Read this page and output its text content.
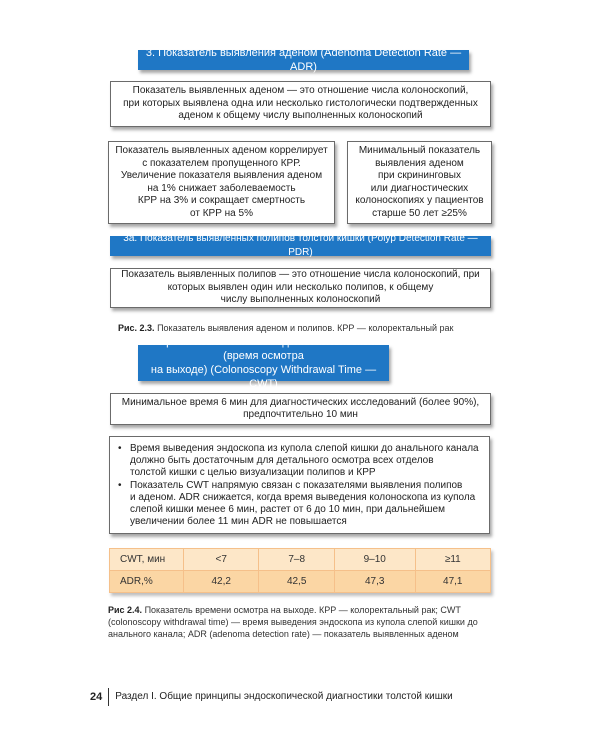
3. Показатель выявления аденом (Adenoma Detection Rate — ADR)
Показатель выявленных аденом — это отношение числа колоноскопий,
при которых выявлена одна или несколько гистологически подтвержденных
аденом к общему числу выполненных колоноскопий
Показатель выявленных аденом коррелирует
с показателем пропущенного КРР.
Увеличение показателя выявления аденом
на 1% снижает заболеваемость
КРР на 3% и сокращает смертность
от КРР на 5%
Минимальный показатель
выявления аденом
при скрининговых
или диагностических
колоноскопиях у пациентов
старше 50 лет ≥25%
3а. Показатель выявленных полипов толстой кишки (Polyp Detection Rate — PDR)
Показатель выявленных полипов — это отношение числа колоноскопий, при
которых выявлен один или несколько полипов, к общему
числу выполненных колоноскопий
Рис. 2.3. Показатель выявления аденом и полипов. КРР — колоректальный рак
4. Время извлечения/выведения колоноскопа (время осмотра
на выходе) (Colonoscopy Withdrawal Time — CWT)
Минимальное время 6 мин для диагностических исследований (более 90%),
предпочтительно 10 мин
• Время выведения эндоскопа из купола слепой кишки до анального канала
должно быть достаточным для детального осмотра всех отделов
толстой кишки с целью визуализации полипов и КРР
• Показатель CWT напрямую связан с показателями выявления полипов
и аденом. ADR снижается, когда время выведения колоноскопа из купола
слепой кишки менее 6 мин, растет от 6 до 10 мин, при дальнейшем
увеличении более 11 мин ADR не повышается
CWT, мин	<7	7–8	9–10	≥11
ADR,%	42,2	42,5	47,3	47,1
Рис 2.4. Показатель времени осмотра на выходе. КРР — колоректальный рак; CWT
(colonoscopy withdrawal time) — время выведения эндоскопа из купола слепой кишки до
анального канала; ADR (adenoma detection rate) — показатель выявленных аденом
24 Раздел I. Общие принципы эндоскопической диагностики толстой кишки
